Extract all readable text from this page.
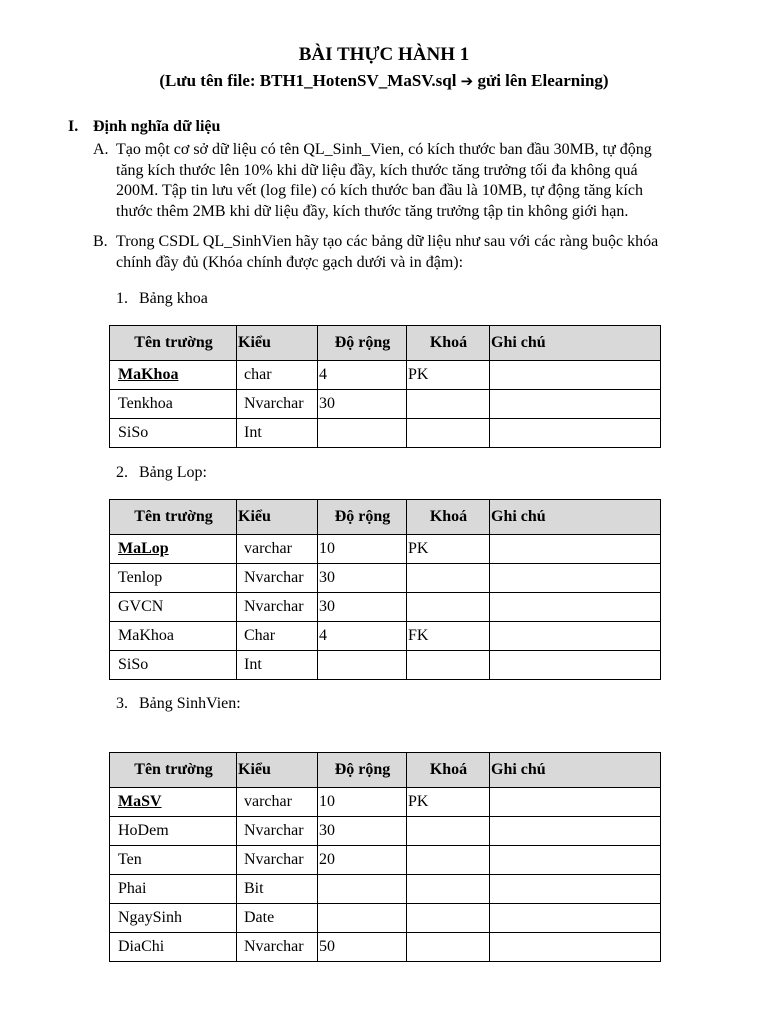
BÀI THỰC HÀNH 1
(Lưu tên file: BTH1_HotenSV_MaSV.sql ➔ gửi lên Elearning)
I. Định nghĩa dữ liệu
A. Tạo một cơ sở dữ liệu có tên QL_Sinh_Vien, có kích thước ban đầu 30MB, tự động
tăng kích thước lên 10% khi dữ liệu đầy, kích thước tăng trưởng tối đa không quá
200M. Tập tin lưu vết (log file) có kích thước ban đầu là 10MB, tự động tăng kích
thước thêm 2MB khi dữ liệu đầy, kích thước tăng trưởng tập tin không giới hạn.
B. Trong CSDL QL_SinhVien hãy tạo các bảng dữ liệu như sau với các ràng buộc khóa
chính đầy đủ (Khóa chính được gạch dưới và in đậm):
1. Bảng khoa
Tên trường	Kiểu	Độ rộng	Khoá	Ghi chú
MaKhoa	char	4	PK	
Tenkhoa	Nvarchar	30		
SiSo	Int			
2. Bảng Lop:
Tên trường	Kiểu	Độ rộng	Khoá	Ghi chú
MaLop	varchar	10	PK	
Tenlop	Nvarchar	30		
GVCN	Nvarchar	30		
MaKhoa	Char	4	FK	
SiSo	Int			
3. Bảng SinhVien:
Tên trường	Kiểu	Độ rộng	Khoá	Ghi chú
MaSV	varchar	10	PK	
HoDem	Nvarchar	30		
Ten	Nvarchar	20		
Phai	Bit			
NgaySinh	Date			
DiaChi	Nvarchar	50		
